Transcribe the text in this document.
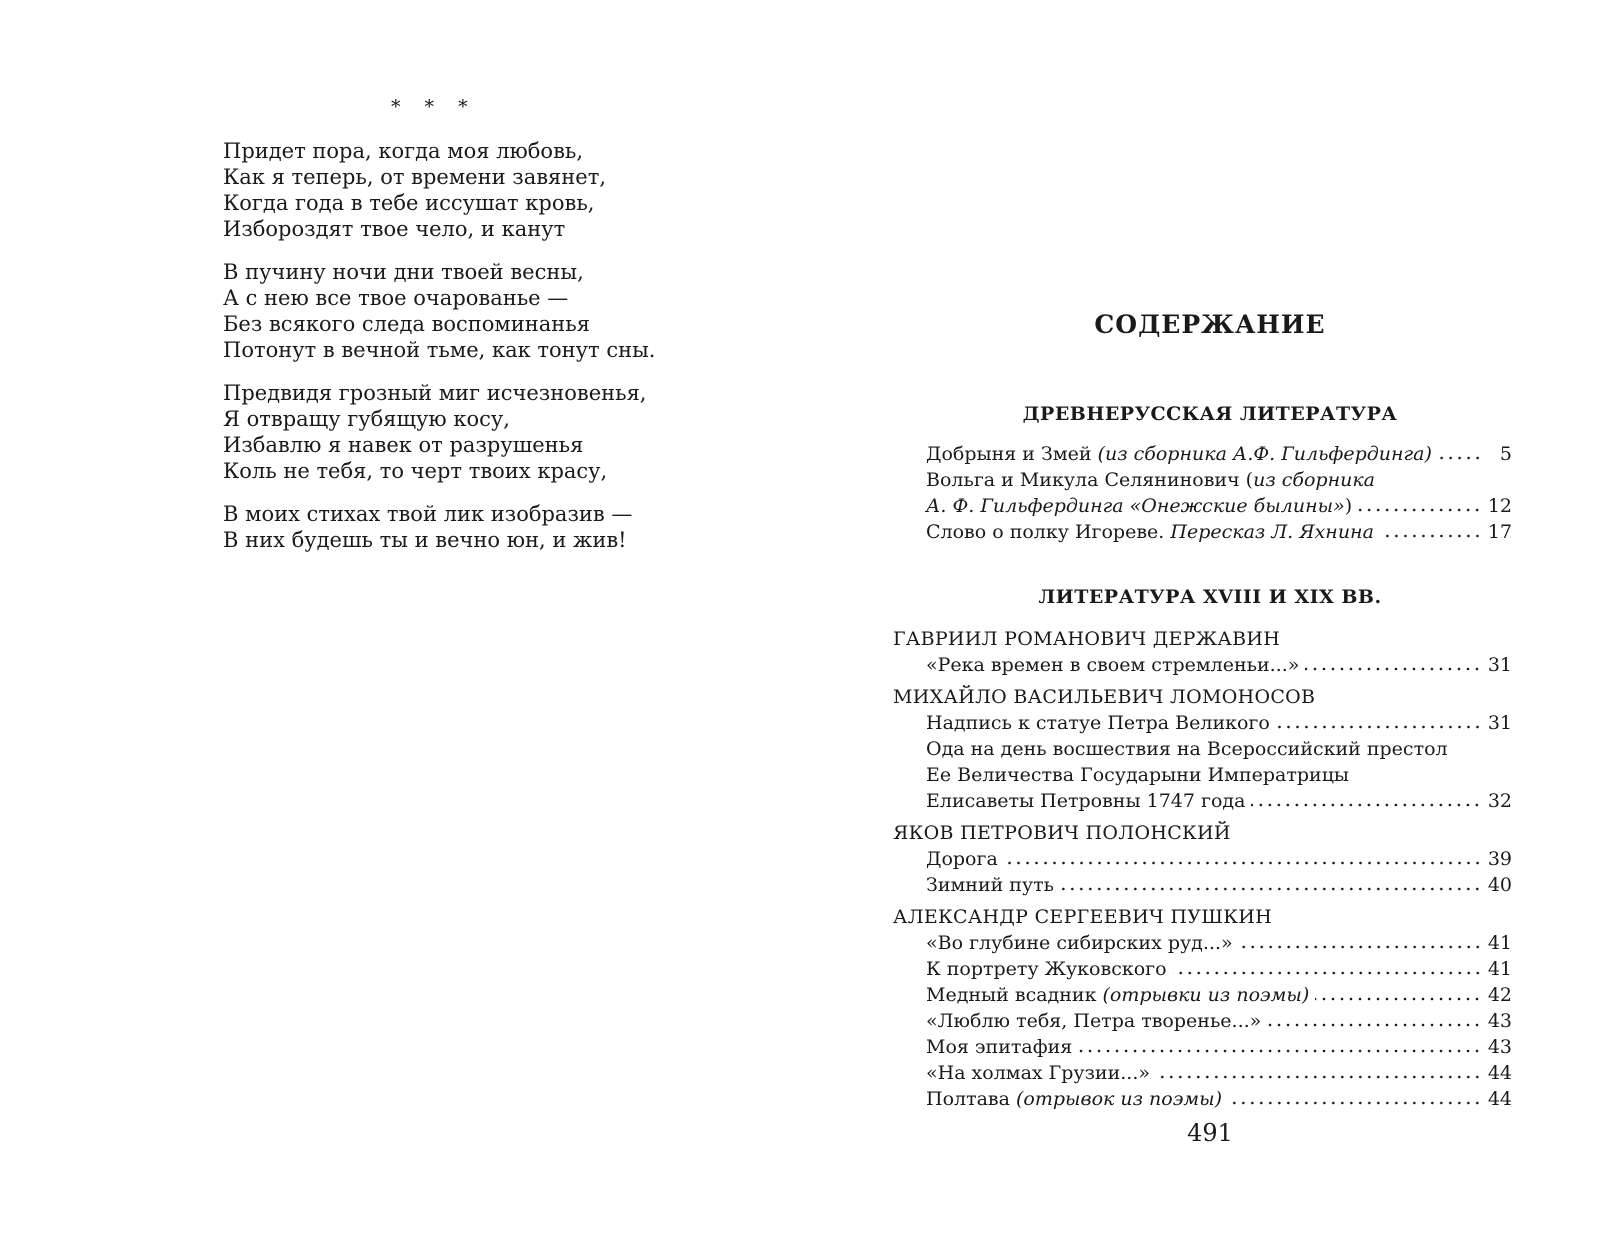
* * *

Придет пора, когда моя любовь,
Как я теперь, от времени завянет,
Когда года в тебе иссушат кровь,
Избороздят твое чело, и канут

В пучину ночи дни твоей весны,
А с нею все твое очарованье —
Без всякого следа воспоминанья
Потонут в вечной тьме, как тонут сны.

Предвидя грозный миг исчезновенья,
Я отвращу губящую косу,
Избавлю я навек от разрушенья
Коль не тебя, то черт твоих красу,

В моих стихах твой лик изобразив —
В них будешь ты и вечно юн, и жив!

СОДЕРЖАНИЕ
ДРЕВНЕРУССКАЯ ЛИТЕРАТУРА
Добрыня и Змей (из сборника А.Ф. Гильфердинга)	5
Вольга и Микула Селянинович (из сборника
А. Ф. Гильфердинга «Онежские былины»)	12
Слово о полку Игореве. Пересказ Л. Яхнина	17
ЛИТЕРАТУРА XVIII И XIX ВВ.
ГАВРИИЛ РОМАНОВИЧ ДЕРЖАВИН
«Река времен в своем стремленьи...»	31
МИХАЙЛО ВАСИЛЬЕВИЧ ЛОМОНОСОВ
Надпись к статуе Петра Великого	31
Ода на день восшествия на Всероссийский престол
Ее Величества Государыни Императрицы
Елисаветы Петровны 1747 года	32
ЯКОВ ПЕТРОВИЧ ПОЛОНСКИЙ
Дорога	39
Зимний путь	40
АЛЕКСАНДР СЕРГЕЕВИЧ ПУШКИН
«Во глубине сибирских руд...»	41
К портрету Жуковского	41
Медный всадник (отрывки из поэмы)	42
«Люблю тебя, Петра творенье...»	43
Моя эпитафия	43
«На холмах Грузии...»	44
Полтава (отрывок из поэмы)	44

491
